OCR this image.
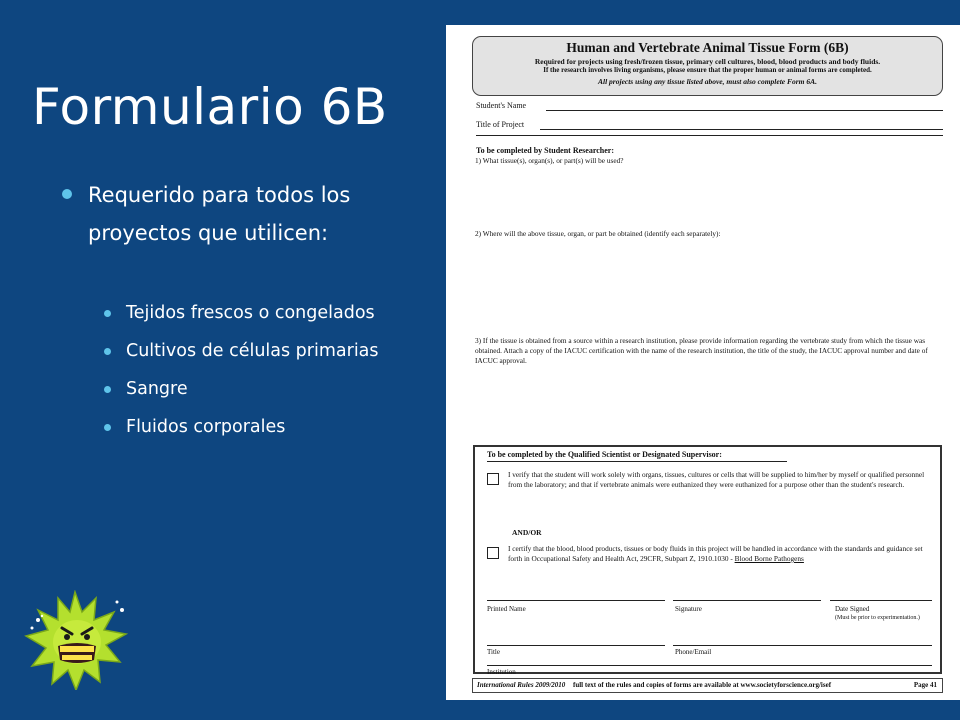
Formulario 6B
Requerido para todos los proyectos que utilicen:
Tejidos frescos o congelados
Cultivos de células primarias
Sangre
Fluidos corporales
Human and Vertebrate Animal Tissue Form (6B)
Required for projects using fresh/frozen tissue, primary cell cultures, blood, blood products and body fluids.
If the research involves living organisms, please ensure that the proper human or animal forms are completed.
All projects using any tissue listed above, must also complete Form 6A.
Student's Name
Title of Project
To be completed by Student Researcher:
1) What tissue(s), organ(s), or part(s) will be used?
2) Where will the above tissue, organ, or part be obtained (identify each separately):
3) If the tissue is obtained from a source within a research institution, please provide information regarding the vertebrate study from which the tissue was obtained. Attach a copy of the IACUC certification with the name of the research institution, the title of the study, the IACUC approval number and date of IACUC approval.
To be completed by the Qualified Scientist or Designated Supervisor:
I verify that the student will work solely with organs, tissues, cultures or cells that will be supplied to him/her by myself or qualified personnel from the laboratory; and that if vertebrate animals were euthanized they were euthanized for a purpose other than the student's research.
AND/OR
I certify that the blood, blood products, tissues or body fluids in this project will be handled in accordance with the standards and guidance set forth in Occupational Safety and Health Act, 29CFR, Subpart Z, 1910.1030 - Blood Borne Pathogens
Printed Name	Signature	Date Signed
(Must be prior to experimentation.)
Title	Phone/Email
Institution
International Rules 2009/2010 full text of the rules and copies of forms are available at www.societyforscience.org/isef	Page 41
